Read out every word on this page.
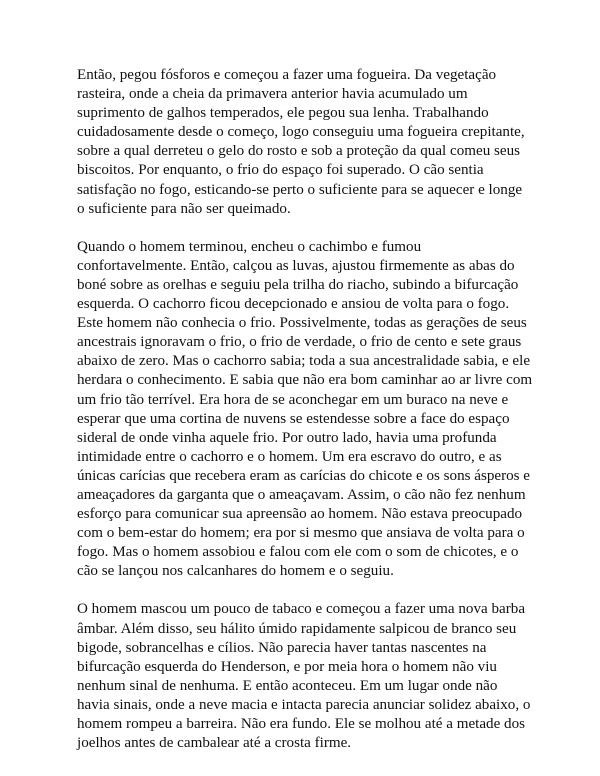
Então, pegou fósforos e começou a fazer uma fogueira. Da vegetação rasteira, onde a cheia da primavera anterior havia acumulado um suprimento de galhos temperados, ele pegou sua lenha. Trabalhando cuidadosamente desde o começo, logo conseguiu uma fogueira crepitante, sobre a qual derreteu o gelo do rosto e sob a proteção da qual comeu seus biscoitos. Por enquanto, o frio do espaço foi superado. O cão sentia satisfação no fogo, esticando-se perto o suficiente para se aquecer e longe o suficiente para não ser queimado.

Quando o homem terminou, encheu o cachimbo e fumou confortavelmente. Então, calçou as luvas, ajustou firmemente as abas do boné sobre as orelhas e seguiu pela trilha do riacho, subindo a bifurcação esquerda. O cachorro ficou decepcionado e ansiou de volta para o fogo. Este homem não conhecia o frio. Possivelmente, todas as gerações de seus ancestrais ignoravam o frio, o frio de verdade, o frio de cento e sete graus abaixo de zero. Mas o cachorro sabia; toda a sua ancestralidade sabia, e ele herdara o conhecimento. E sabia que não era bom caminhar ao ar livre com um frio tão terrível. Era hora de se aconchegar em um buraco na neve e esperar que uma cortina de nuvens se estendesse sobre a face do espaço sideral de onde vinha aquele frio. Por outro lado, havia uma profunda intimidade entre o cachorro e o homem. Um era escravo do outro, e as únicas carícias que recebera eram as carícias do chicote e os sons ásperos e ameaçadores da garganta que o ameaçavam. Assim, o cão não fez nenhum esforço para comunicar sua apreensão ao homem. Não estava preocupado com o bem-estar do homem; era por si mesmo que ansiava de volta para o fogo. Mas o homem assobiou e falou com ele com o som de chicotes, e o cão se lançou nos calcanhares do homem e o seguiu.

O homem mascou um pouco de tabaco e começou a fazer uma nova barba âmbar. Além disso, seu hálito úmido rapidamente salpicou de branco seu bigode, sobrancelhas e cílios. Não parecia haver tantas nascentes na bifurcação esquerda do Henderson, e por meia hora o homem não viu nenhum sinal de nenhuma. E então aconteceu. Em um lugar onde não havia sinais, onde a neve macia e intacta parecia anunciar solidez abaixo, o homem rompeu a barreira. Não era fundo. Ele se molhou até a metade dos joelhos antes de cambalear até a crosta firme.
